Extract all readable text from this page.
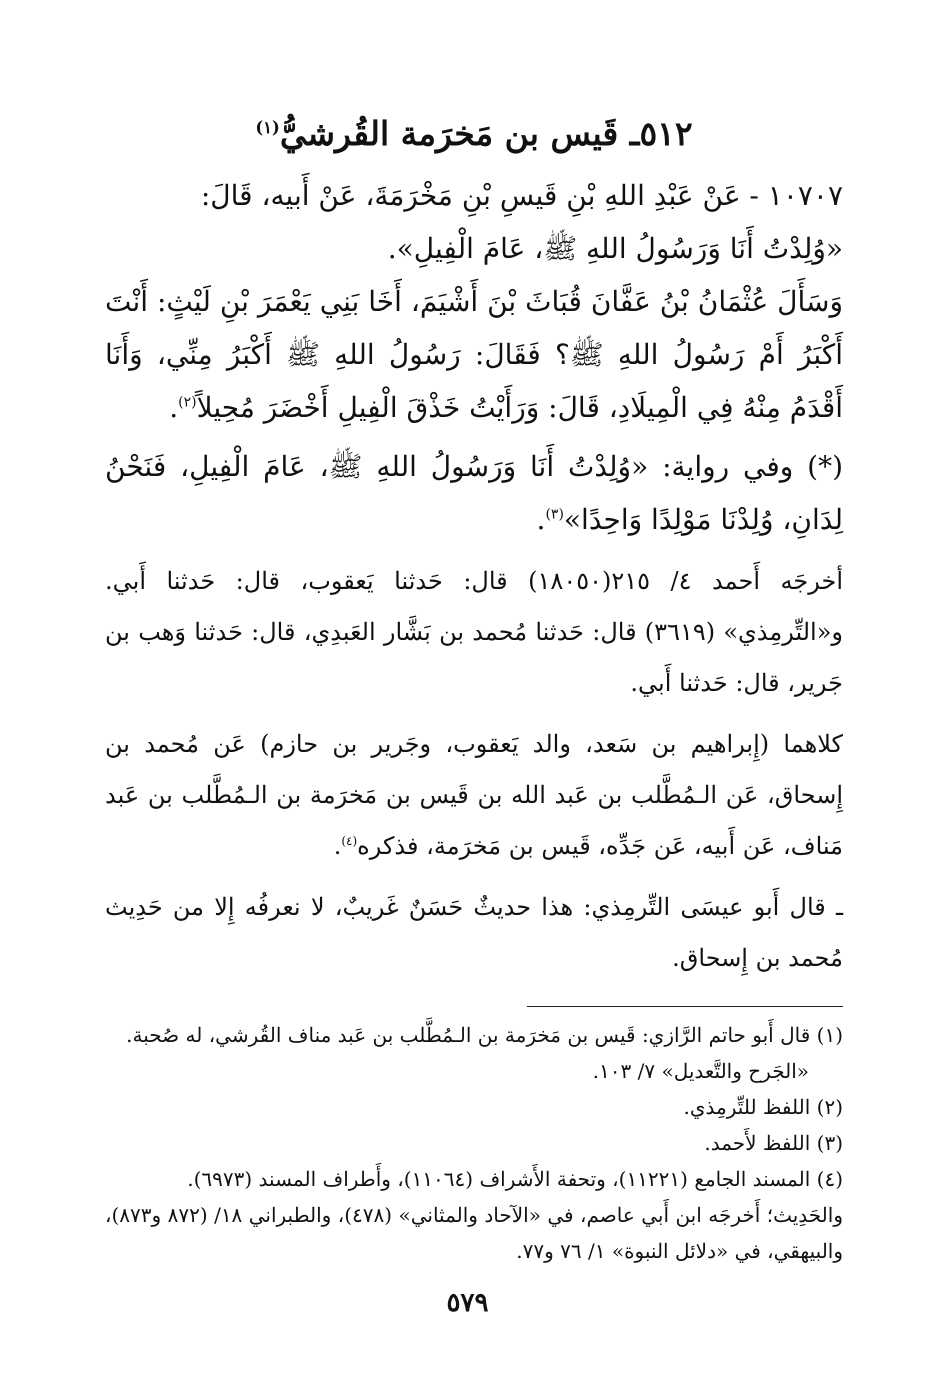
٥١٢ـ قَيس بن مَخرَمة القُرشيُّ$^{(١)}$

١٠٧٠٧ - عَنْ عَبْدِ اللهِ بْنِ قَيسِ بْنِ مَخْرَمَةَ، عَنْ أَبيه، قَالَ:

«وُلِدْتُ أَنَا وَرَسُولُ اللهِ ﷺ، عَامَ الْفِيلِ».

وَسَأَلَ عُثْمَانُ بْنُ عَفَّانَ قُبَاثَ بْنَ أَشْيَمَ، أَخَا بَنِي يَعْمَرَ بْنِ لَيْثٍ: أَنْتَ أَكْبَرُ أَمْ رَسُولُ اللهِ ﷺ؟ فَقَالَ: رَسُولُ اللهِ ﷺ أَكْبَرُ مِنِّي، وَأَنَا أَقْدَمُ مِنْهُ فِي الْمِيلَادِ، قَالَ: وَرَأَيْتُ خَذْقَ الْفِيلِ أَخْضَرَ مُحِيلاً$^{(٢)}$.

(*) وفي رواية: «وُلِدْتُ أَنَا وَرَسُولُ اللهِ ﷺ، عَامَ الْفِيلِ، فَنَحْنُ لِدَانِ، وُلِدْنَا مَوْلِدًا وَاحِدًا»$^{(٣)}$.

أخرجَه أَحمد ٤/ ٢١٥(١٨٠٥٠) قال: حَدثنا يَعقوب، قال: حَدثنا أَبي. و«التِّرمِذي» (٣٦١٩) قال: حَدثنا مُحمد بن بَشَّار العَبدِي، قال: حَدثنا وَهب بن جَرير، قال: حَدثنا أَبي.

كلاهما (إِبراهيم بن سَعد، والد يَعقوب، وجَرير بن حازم) عَن مُحمد بن إِسحاق، عَن الـمُطَّلب بن عَبد الله بن قَيس بن مَخرَمة بن الـمُطَّلب بن عَبد مَناف، عَن أَبيه، عَن جَدِّه، قَيس بن مَخرَمة، فذكره$^{(٤)}$.

ـ قال أَبو عيسَى التِّرمِذي: هذا حديثٌ حَسَنٌ غَريبٌ، لا نعرفُه إِلا من حَدِيث مُحمد بن إِسحاق.

(١) قال أَبو حاتم الرَّازي: قَيس بن مَخرَمة بن الـمُطَّلب بن عَبد مناف القُرشي، له صُحبة.

«الجَرح والتَّعديل» ٧/ ١٠٣.

(٢) اللفظ للتِّرمِذي.

(٣) اللفظ لأَحمد.

(٤) المسند الجامع (١١٢٢١)، وتحفة الأَشراف (١١٠٦٤)، وأَطراف المسند (٦٩٧٣).

والحَدِيث؛ أَخرجَه ابن أَبي عاصم، في «الآحاد والمثاني» (٤٧٨)، والطبراني ١٨/ (٨٧٢ و٨٧٣)، والبيهقي، في «دلائل النبوة» ١/ ٧٦ و٧٧.

٥٧٩
